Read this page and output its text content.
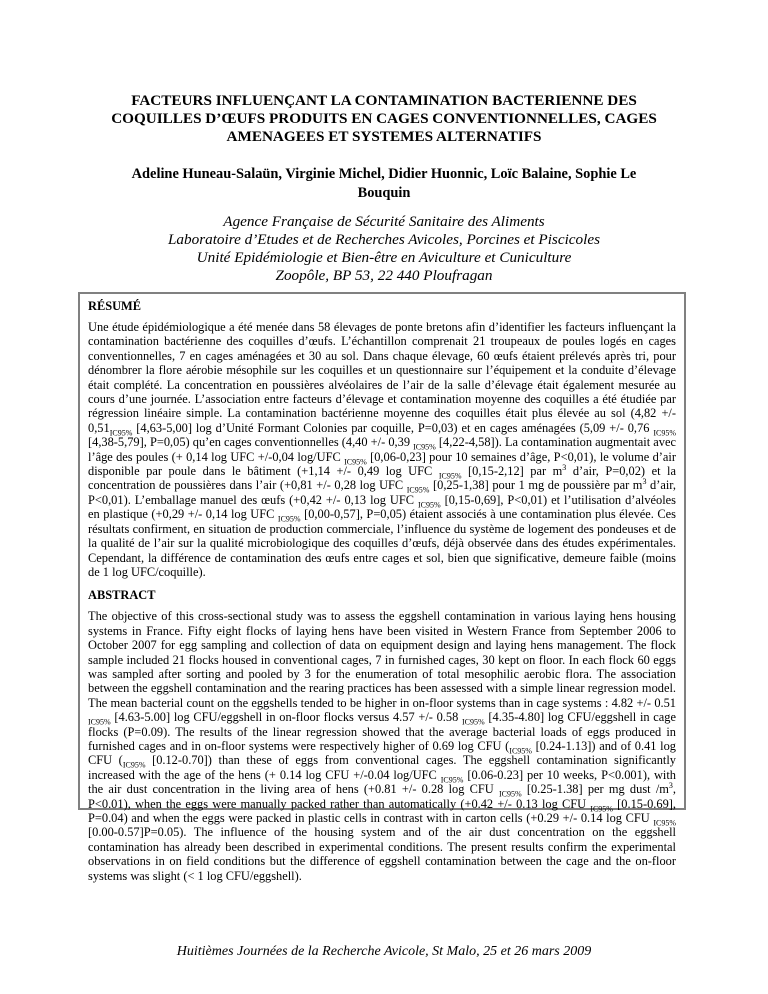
FACTEURS INFLUENÇANT LA CONTAMINATION BACTERIENNE DES
COQUILLES D’ŒUFS PRODUITS EN CAGES CONVENTIONNELLES, CAGES
AMENAGEES ET SYSTEMES ALTERNATIFS
Adeline Huneau-Salaün, Virginie Michel, Didier Huonnic, Loïc Balaine, Sophie Le Bouquin
Agence Française de Sécurité Sanitaire des Aliments
Laboratoire d’Etudes et de Recherches Avicoles, Porcines et Piscicoles
Unité Epidémiologie et Bien-être en Aviculture et Cuniculture
Zoopôle, BP 53, 22 440 Ploufragan
RÉSUMÉ

Une étude épidémiologique a été menée dans 58 élevages de ponte bretons afin d’identifier les facteurs influençant la contamination bactérienne des coquilles d’œufs. L’échantillon comprenait 21 troupeaux de poules logés en cages conventionnelles, 7 en cages aménagées et 30 au sol. Dans chaque élevage, 60 œufs étaient prélevés après tri, pour dénombrer la flore aérobie mésophile sur les coquilles et un questionnaire sur l’équipement et la conduite d’élevage était complété. La concentration en poussières alvéolaires de l’air de la salle d’élevage était également mesurée au cours d’une journée. L’association entre facteurs d’élevage et contamination moyenne des coquilles a été étudiée par régression linéaire simple. La contamination bactérienne moyenne des coquilles était plus élevée au sol (4,82 +/- $0,51_{IC95\%}$ [4,63-5,00] log d’Unité Formant Colonies par coquille, P=0,03) et en cages aménagées (5,09 +/- 0,76 $_{IC95\%}$ [4,38-5,79], P=0,05) qu’en cages conventionnelles (4,40 +/- 0,39 $_{IC95\%}$ [4,22-4,58]). La contamination augmentait avec l’âge des poules (+ 0,14 log UFC +/-0,04 log/UFC $_{IC95\%}$ [0,06-0,23] pour 10 semaines d’âge, P<0,01), le volume d’air disponible par poule dans le bâtiment (+1,14 +/- 0,49 log UFC $_{IC95\%}$ [0,15-2,12] par $m^3$ d’air, P=0,02) et la concentration de poussières dans l’air (+0,81 +/- 0,28 log UFC $_{IC95\%}$ [0,25-1,38] pour 1 mg de poussière par $m^3$ d’air, P<0,01). L’emballage manuel des œufs (+0,42 +/- 0,13 log UFC $_{IC95\%}$ [0,15-0,69], P<0,01) et l’utilisation d’alvéoles en plastique (+0,29 +/- 0,14 log UFC $_{IC95\%}$ [0,00-0,57], P=0,05) étaient associés à une contamination plus élevée. Ces résultats confirment, en situation de production commerciale, l’influence du système de logement des pondeuses et de la qualité de l’air sur la qualité microbiologique des coquilles d’œufs, déjà observée dans des études expérimentales. Cependant, la différence de contamination des œufs entre cages et sol, bien que significative, demeure faible (moins de 1 log UFC/coquille).

ABSTRACT

The objective of this cross-sectional study was to assess the eggshell contamination in various laying hens housing systems in France. Fifty eight flocks of laying hens have been visited in Western France from September 2006 to October 2007 for egg sampling and collection of data on equipment design and laying hens management. The flock sample included 21 flocks housed in conventional cages, 7 in furnished cages, 30 kept on floor. In each flock 60 eggs was sampled after sorting and pooled by 3 for the enumeration of total mesophilic aerobic flora. The association between the eggshell contamination and the rearing practices has been assessed with a simple linear regression model. The mean bacterial count on the eggshells tended to be higher in on-floor systems than in cage systems : 4.82 +/- 0.51 $_{IC95\%}$ [4.63-5.00] log CFU/eggshell in on-floor flocks versus 4.57 +/- 0.58 $_{IC95\%}$ [4.35-4.80] log CFU/eggshell in cage flocks (P=0.09). The results of the linear regression showed that the average bacterial loads of eggs produced in furnished cages and in on-floor systems were respectively higher of 0.69 log CFU ($_{IC95\%}$ [0.24-1.13]) and of 0.41 log CFU ($_{IC95\%}$ [0.12-0.70]) than these of eggs from conventional cages. The eggshell contamination significantly increased with the age of the hens (+ 0.14 log CFU +/-0.04 log/UFC $_{IC95\%}$ [0.06-0.23] per 10 weeks, P<0.001), with the air dust concentration in the living area of hens (+0.81 +/- 0.28 log CFU $_{IC95\%}$ [0.25-1.38] per mg dust $/m^3$, P<0.01), when the eggs were manually packed rather than automatically (+0.42 +/- 0.13 log CFU $_{IC95\%}$ [0.15-0.69], P=0.04) and when the eggs were packed in plastic cells in contrast with in carton cells (+0.29 +/- 0.14 log CFU $_{IC95\%}$ [0.00-0.57]P=0.05). The influence of the housing system and of the air dust concentration on the eggshell contamination has already been described in experimental conditions. The present results confirm the experimental observations in on field conditions but the difference of eggshell contamination between the cage and the on-floor systems was slight (< 1 log CFU/eggshell).

Huitièmes Journées de la Recherche Avicole, St Malo, 25 et 26 mars 2009
